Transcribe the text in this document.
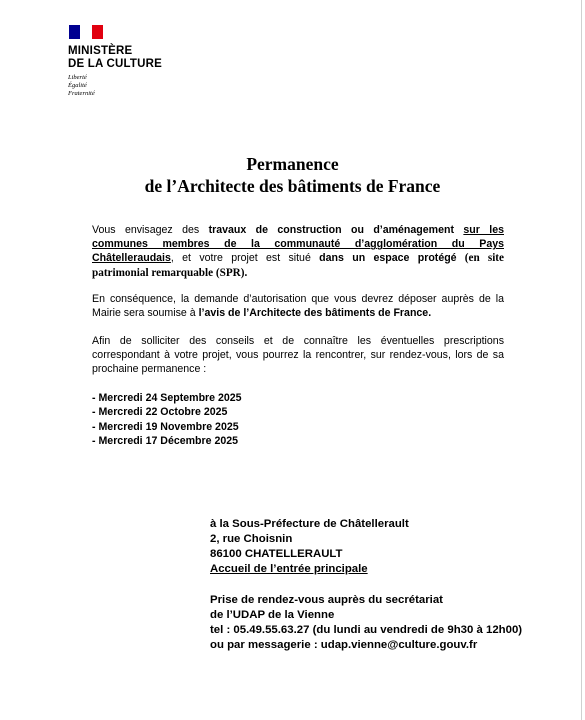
MINISTÈRE
DE LA CULTURE
Liberté
Égalité
Fraternité
Permanence
de l’Architecte des bâtiments de France
Vous envisagez des travaux de construction ou d’aménagement sur les communes membres de la communauté d’agglomération du Pays Châtelleraudais, et votre projet est situé dans un espace protégé (en site patrimonial remarquable (SPR).
En conséquence, la demande d’autorisation que vous devrez déposer auprès de la Mairie sera soumise à l’avis de l’Architecte des bâtiments de France.
Afin de solliciter des conseils et de connaître les éventuelles prescriptions correspondant à votre projet, vous pourrez la rencontrer, sur rendez-vous, lors de sa prochaine permanence :
- Mercredi 24 Septembre 2025
- Mercredi 22 Octobre 2025
- Mercredi 19 Novembre 2025
- Mercredi 17 Décembre 2025
à la Sous-Préfecture de Châtellerault
2, rue Choisnin
86100 CHATELLERAULT
Accueil de l’entrée principale
Prise de rendez-vous auprès du secrétariat
de l’UDAP de la Vienne
tel : 05.49.55.63.27 (du lundi au vendredi de 9h30 à 12h00)
ou par messagerie : udap.vienne@culture.gouv.fr
